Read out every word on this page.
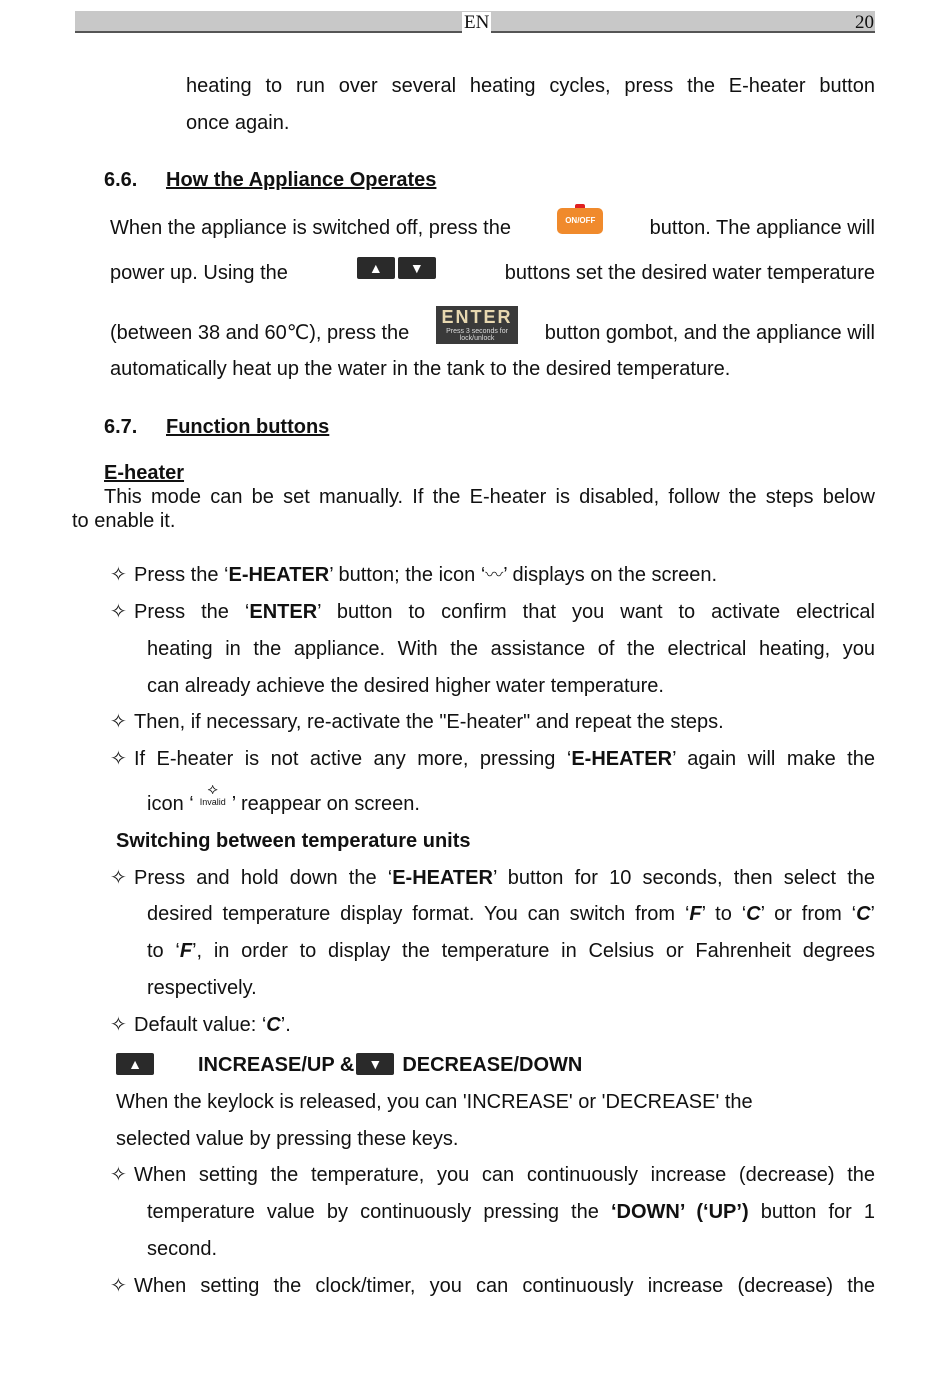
EN	20
heating to run over several heating cycles, press the E-heater button
once again.
6.6. How the Appliance Operates
When the appliance is switched off, press the	ON/OFF	button. The appliance will
power up. Using the	▲	▼	buttons set the desired water temperature
(between 38 and 60℃), press the
ENTER
Press 3 seconds for lock/unlock	button gombot, and the appliance will
automatically heat up the water in the tank to the desired temperature.
6.7. Function buttons
E-heater
This mode can be set manually. If the E-heater is disabled, follow the steps below
to enable it.
✧ Press the ‘E-HEATER’ button; the icon ‘〰’ displays on the screen.
✧ Press the ‘ENTER’ button to confirm that you want to activate electrical
heating in the appliance. With the assistance of the electrical heating, you
can already achieve the desired higher water temperature.
✧ Then, if necessary, re-activate the "E-heater" and repeat the steps.
✧ If E-heater is not active any more, pressing ‘E-HEATER’ again will make the
icon ‘
⟡
Invalid ’ reappear on screen.
Switching between temperature units
✧ Press and hold down the ‘E-HEATER’ button for 10 seconds, then select the
desired temperature display format. You can switch from ‘F’ to ‘C’ or from ‘C’
to ‘F’, in order to display the temperature in Celsius or Fahrenheit degrees
respectively.
✧ Default value: ‘C’.
▲	INCREASE/UP &	▼	DECREASE/DOWN
When the keylock is released, you can 'INCREASE' or 'DECREASE' the
selected value by pressing these keys.
✧ When setting the temperature, you can continuously increase (decrease) the
temperature value by continuously pressing the ‘DOWN’ (‘UP’) button for 1
second.
✧ When setting the clock/timer, you can continuously increase (decrease) the
